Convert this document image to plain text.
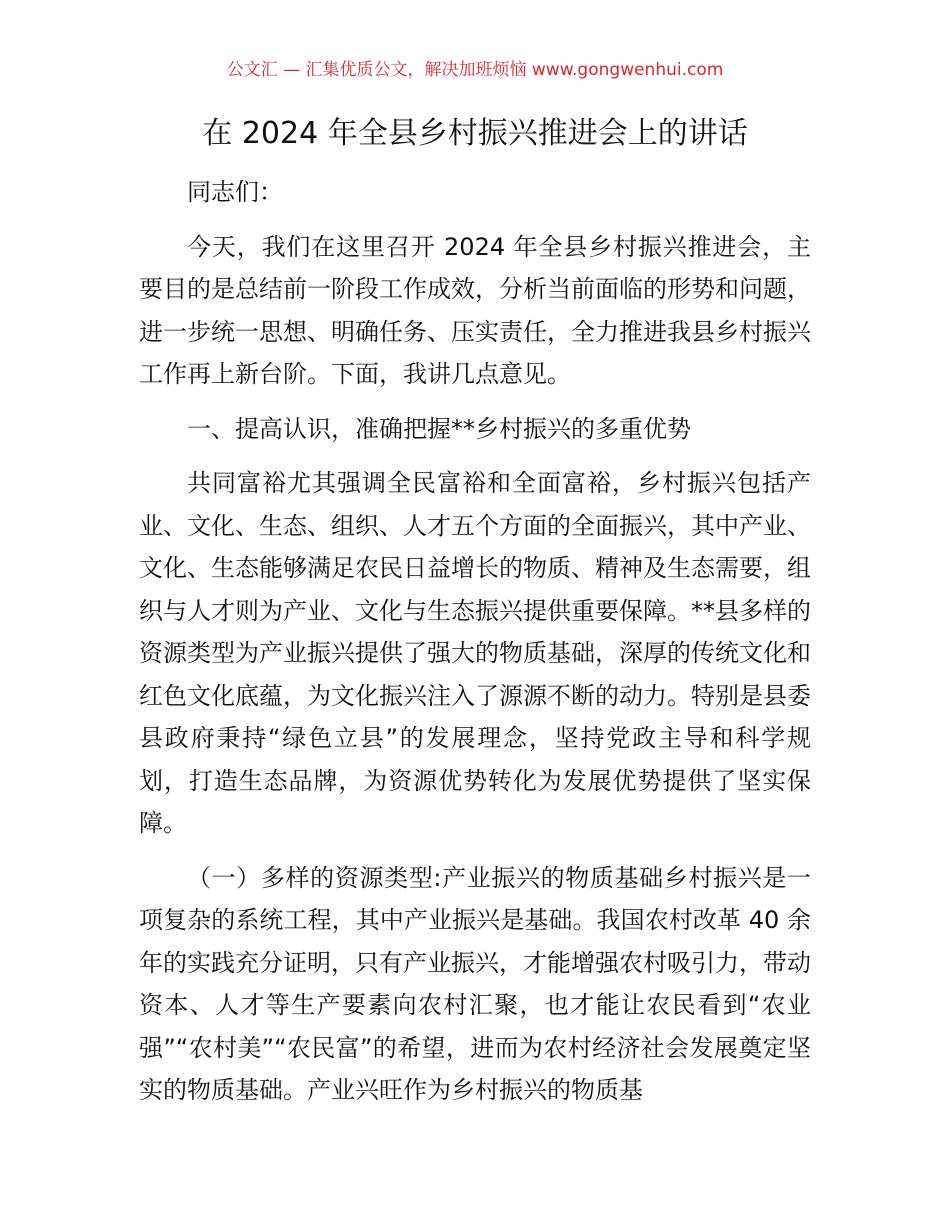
公文汇 — 汇集优质公文，解决加班烦恼 www.gongwenhui.com
在 2024 年全县乡村振兴推进会上的讲话

同志们：

今天，我们在这里召开 2024 年全县乡村振兴推进会，主要目的是总结前一阶段工作成效，分析当前面临的形势和问题，进一步统一思想、明确任务、压实责任，全力推进我县乡村振兴工作再上新台阶。下面，我讲几点意见。

一、提高认识，准确把握**乡村振兴的多重优势

共同富裕尤其强调全民富裕和全面富裕，乡村振兴包括产业、文化、生态、组织、人才五个方面的全面振兴，其中产业、文化、生态能够满足农民日益增长的物质、精神及生态需要，组织与人才则为产业、文化与生态振兴提供重要保障。**县多样的资源类型为产业振兴提供了强大的物质基础，深厚的传统文化和红色文化底蕴，为文化振兴注入了源源不断的动力。特别是县委县政府秉持“绿色立县”的发展理念，坚持党政主导和科学规划，打造生态品牌，为资源优势转化为发展优势提供了坚实保障。

（一）多样的资源类型:产业振兴的物质基础乡村振兴是一项复杂的系统工程，其中产业振兴是基础。我国农村改革 40 余年的实践充分证明，只有产业振兴，才能增强农村吸引力，带动资本、人才等生产要素向农村汇聚，也才能让农民看到“农业强”“农村美”“农民富”的希望，进而为农村经济社会发展奠定坚实的物质基础。产业兴旺作为乡村振兴的物质基
